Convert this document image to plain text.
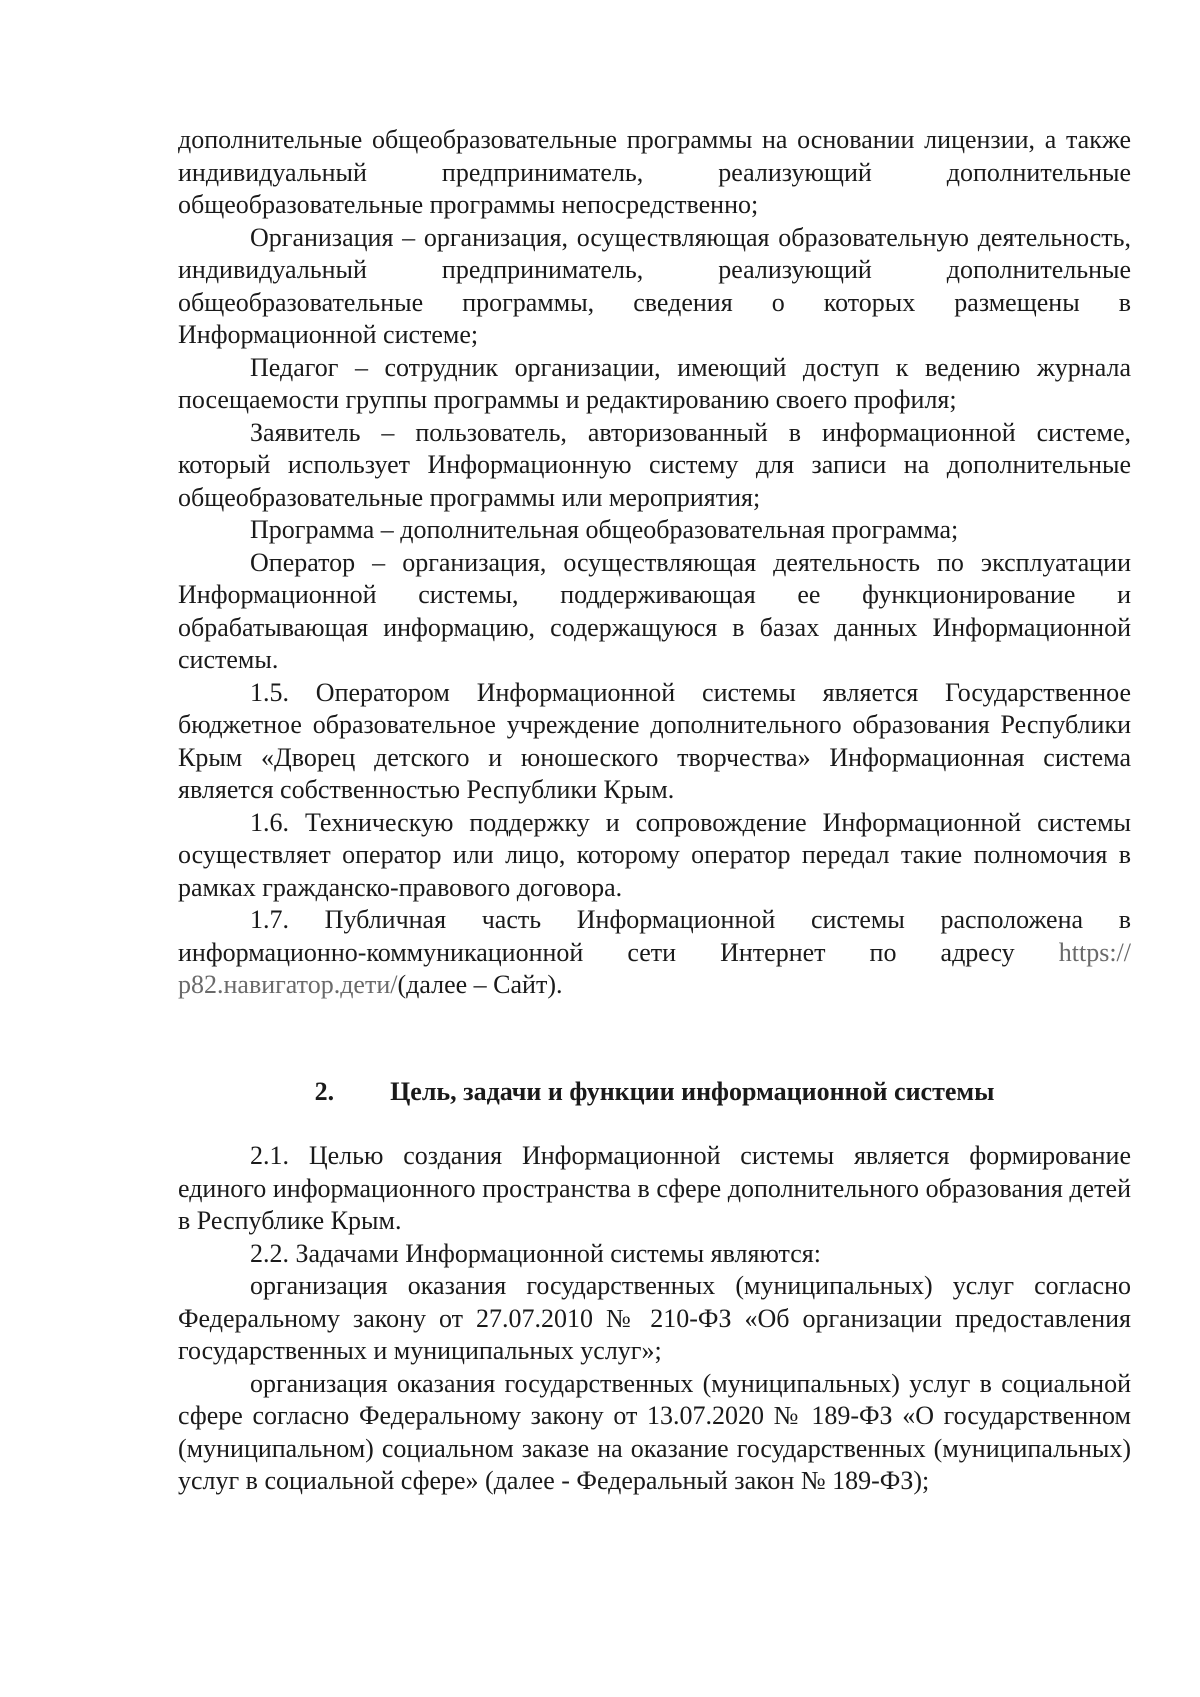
дополнительные общеобразовательные программы на основании лицензии, а также индивидуальный предприниматель, реализующий дополнительные общеобразовательные программы непосредственно;

Организация – организация, осуществляющая образовательную деятельность, индивидуальный предприниматель, реализующий дополнительные общеобразовательные программы, сведения о которых размещены в Информационной системе;

Педагог – сотрудник организации, имеющий доступ к ведению журнала посещаемости группы программы и редактированию своего профиля;

Заявитель – пользователь, авторизованный в информационной системе, который использует Информационную систему для записи на дополнительные общеобразовательные программы или мероприятия;

Программа – дополнительная общеобразовательная программа;

Оператор – организация, осуществляющая деятельность по эксплуатации Информационной системы, поддерживающая ее функционирование и обрабатывающая информацию, содержащуюся в базах данных Информационной системы.

1.5. Оператором Информационной системы является Государственное бюджетное образовательное учреждение дополнительного образования Республики Крым «Дворец детского и юношеского творчества» Информационная система является собственностью Республики Крым.

1.6. Техническую поддержку и сопровождение Информационной системы осуществляет оператор или лицо, которому оператор передал такие полномочия в рамках гражданско-правового договора.

1.7. Публичная часть Информационной системы расположена в информационно-коммуникационной сети Интернет по адресу https://р82.навигатор.дети/(далее – Сайт).

2. Цель, задачи и функции информационной системы

2.1. Целью создания Информационной системы является формирование единого информационного пространства в сфере дополнительного образования детей в Республике Крым.

2.2. Задачами Информационной системы являются:

организация оказания государственных (муниципальных) услуг согласно Федеральному закону от 27.07.2010 № 210-ФЗ «Об организации предоставления государственных и муниципальных услуг»;

организация оказания государственных (муниципальных) услуг в социальной сфере согласно Федеральному закону от 13.07.2020 № 189-ФЗ «О государственном (муниципальном) социальном заказе на оказание государственных (муниципальных) услуг в социальной сфере» (далее - Федеральный закон № 189-ФЗ);
